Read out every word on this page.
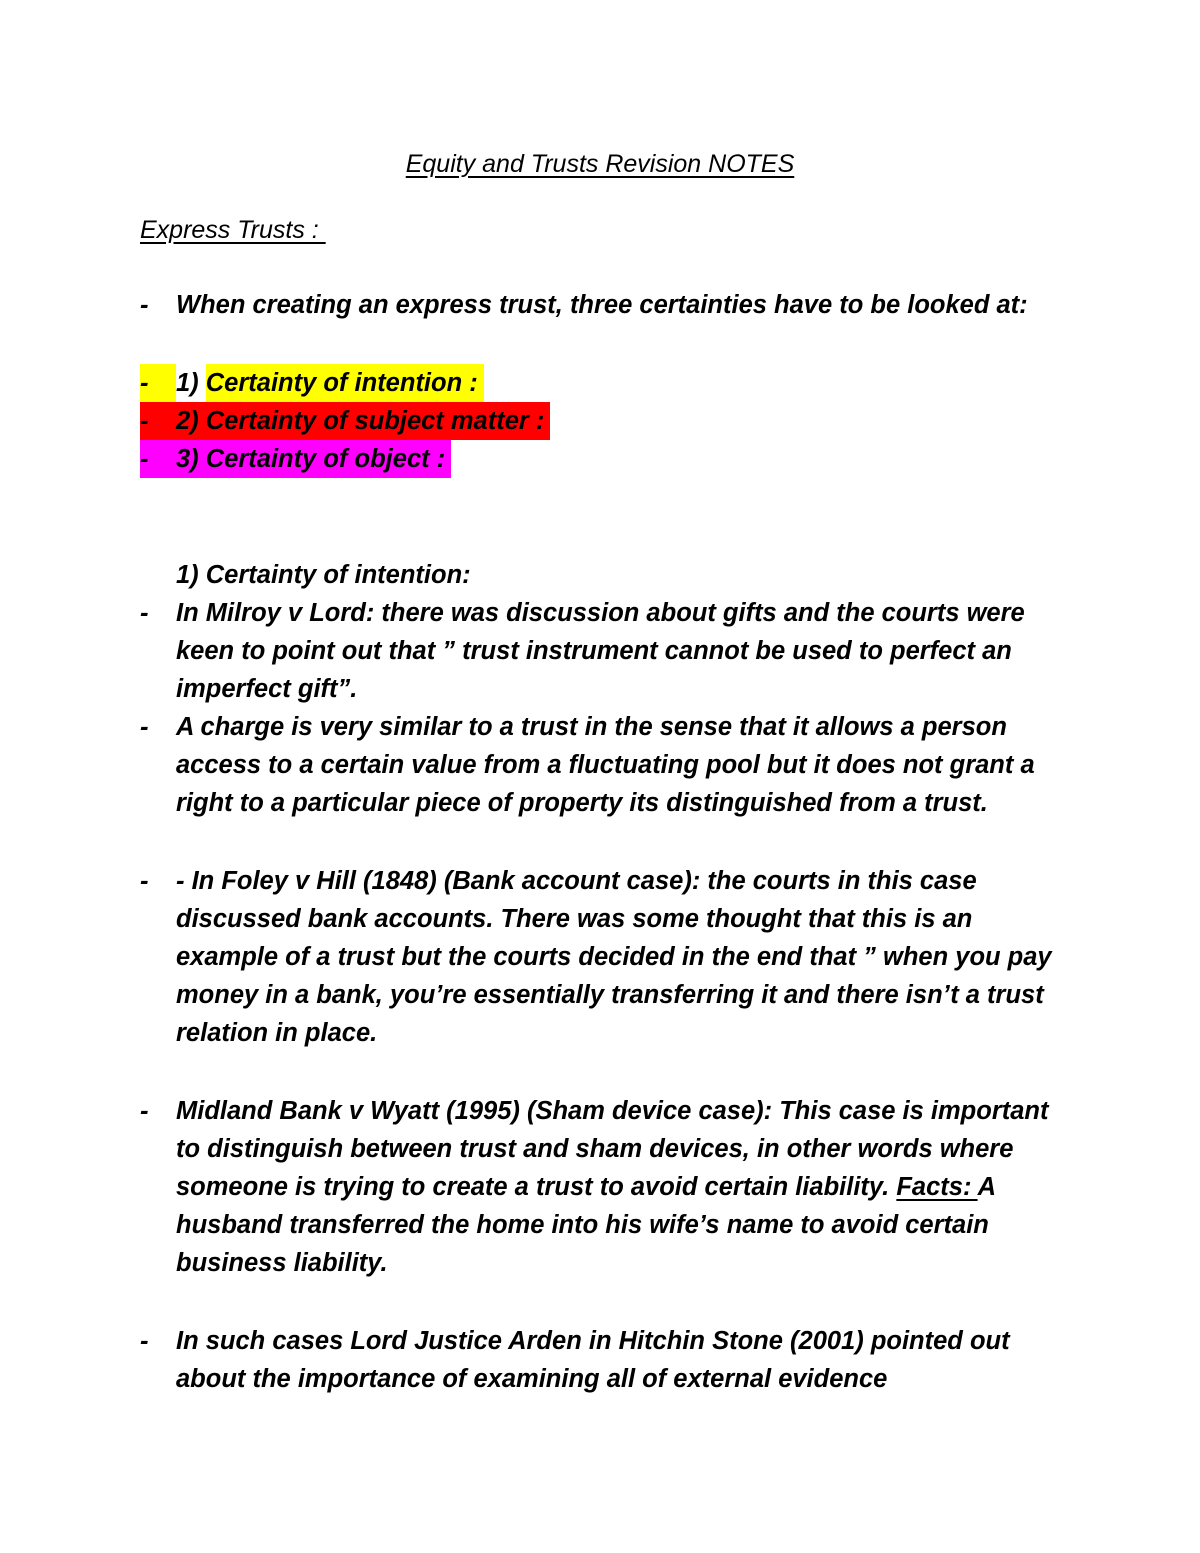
Equity and Trusts Revision NOTES
Express Trusts :
-	When creating an express trust, three certainties have to be looked at:
- 1) Certainty of intention :
- 2) Certainty of subject matter :
- 3) Certainty of object :
1) Certainty of intention:
-	In Milroy v Lord: there was discussion about gifts and the courts were keen to point out that ” trust instrument cannot be used to perfect an imperfect gift”.
-	A charge is very similar to a trust in the sense that it allows a person access to a certain value from a fluctuating pool but it does not grant a right to a particular piece of property its distinguished from a trust.
-	- In Foley v Hill (1848) (Bank account case): the courts in this case discussed bank accounts. There was some thought that this is an example of a trust but the courts decided in the end that ” when you pay money in a bank, you’re essentially transferring it and there isn’t a trust relation in place.
-	Midland Bank v Wyatt (1995) (Sham device case): This case is important to distinguish between trust and sham devices, in other words where someone is trying to create a trust to avoid certain liability. Facts: A husband transferred the home into his wife’s name to avoid certain business liability.
-	In such cases Lord Justice Arden in Hitchin Stone (2001) pointed out about the importance of examining all of external evidence
